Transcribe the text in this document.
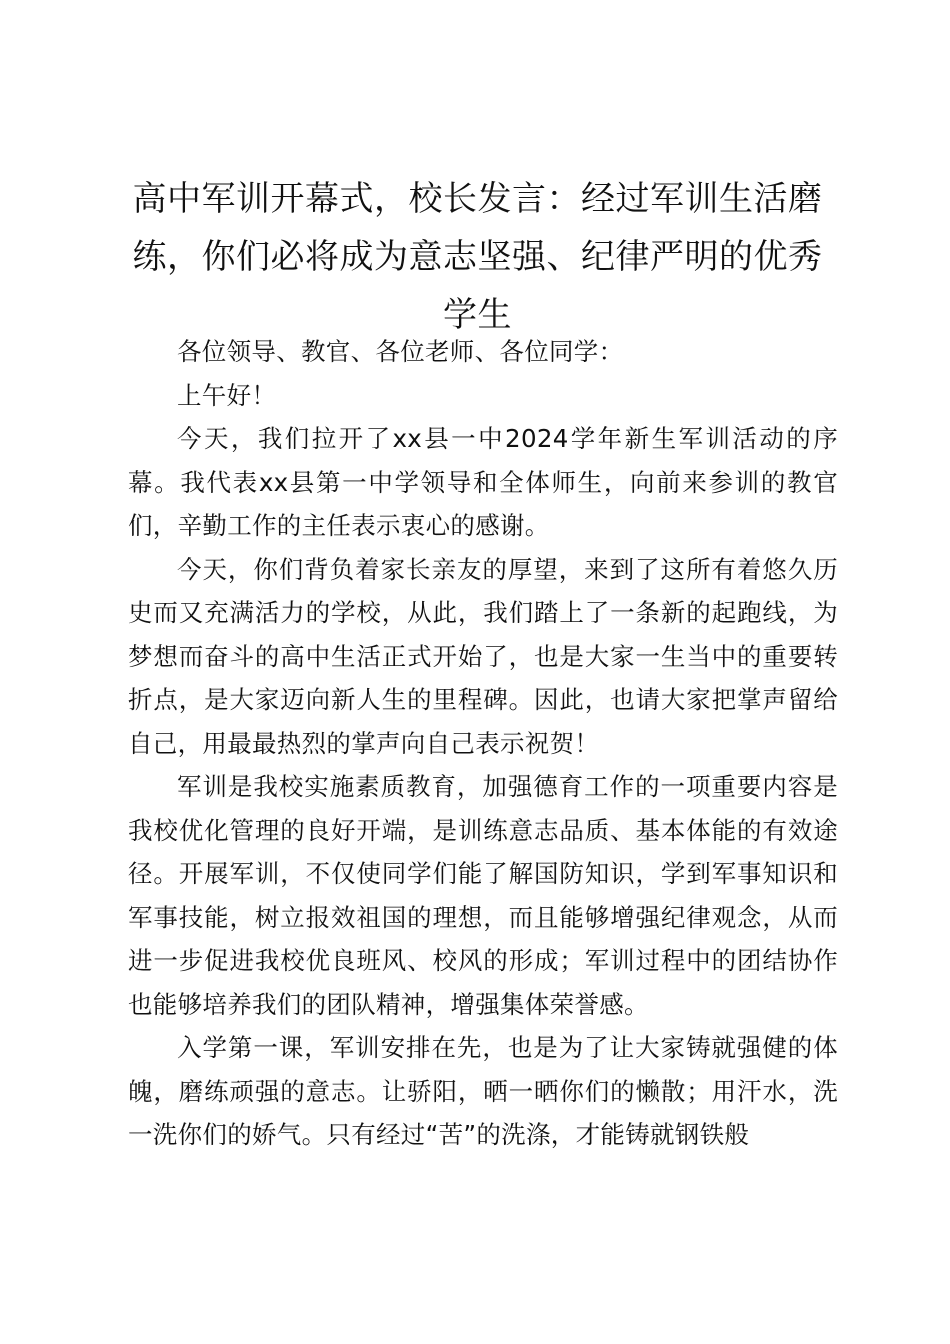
高中军训开幕式，校长发言：经过军训生活磨练，你们必将成为意志坚强、纪律严明的优秀学生

各位领导、教官、各位老师、各位同学：

上午好！

今天，我们拉开了xx县一中2024学年新生军训活动的序幕。我代表xx县第一中学领导和全体师生，向前来参训的教官们，辛勤工作的主任表示衷心的感谢。

今天，你们背负着家长亲友的厚望，来到了这所有着悠久历史而又充满活力的学校，从此，我们踏上了一条新的起跑线，为梦想而奋斗的高中生活正式开始了，也是大家一生当中的重要转折点，是大家迈向新人生的里程碑。因此，也请大家把掌声留给自己，用最最热烈的掌声向自己表示祝贺！

军训是我校实施素质教育，加强德育工作的一项重要内容是我校优化管理的良好开端，是训练意志品质、基本体能的有效途径。开展军训，不仅使同学们能了解国防知识，学到军事知识和军事技能，树立报效祖国的理想，而且能够增强纪律观念，从而进一步促进我校优良班风、校风的形成；军训过程中的团结协作也能够培养我们的团队精神，增强集体荣誉感。

入学第一课，军训安排在先，也是为了让大家铸就强健的体魄，磨练顽强的意志。让骄阳，晒一晒你们的懒散；用汗水，洗一洗你们的娇气。只有经过“苦”的洗涤，才能铸就钢铁般
